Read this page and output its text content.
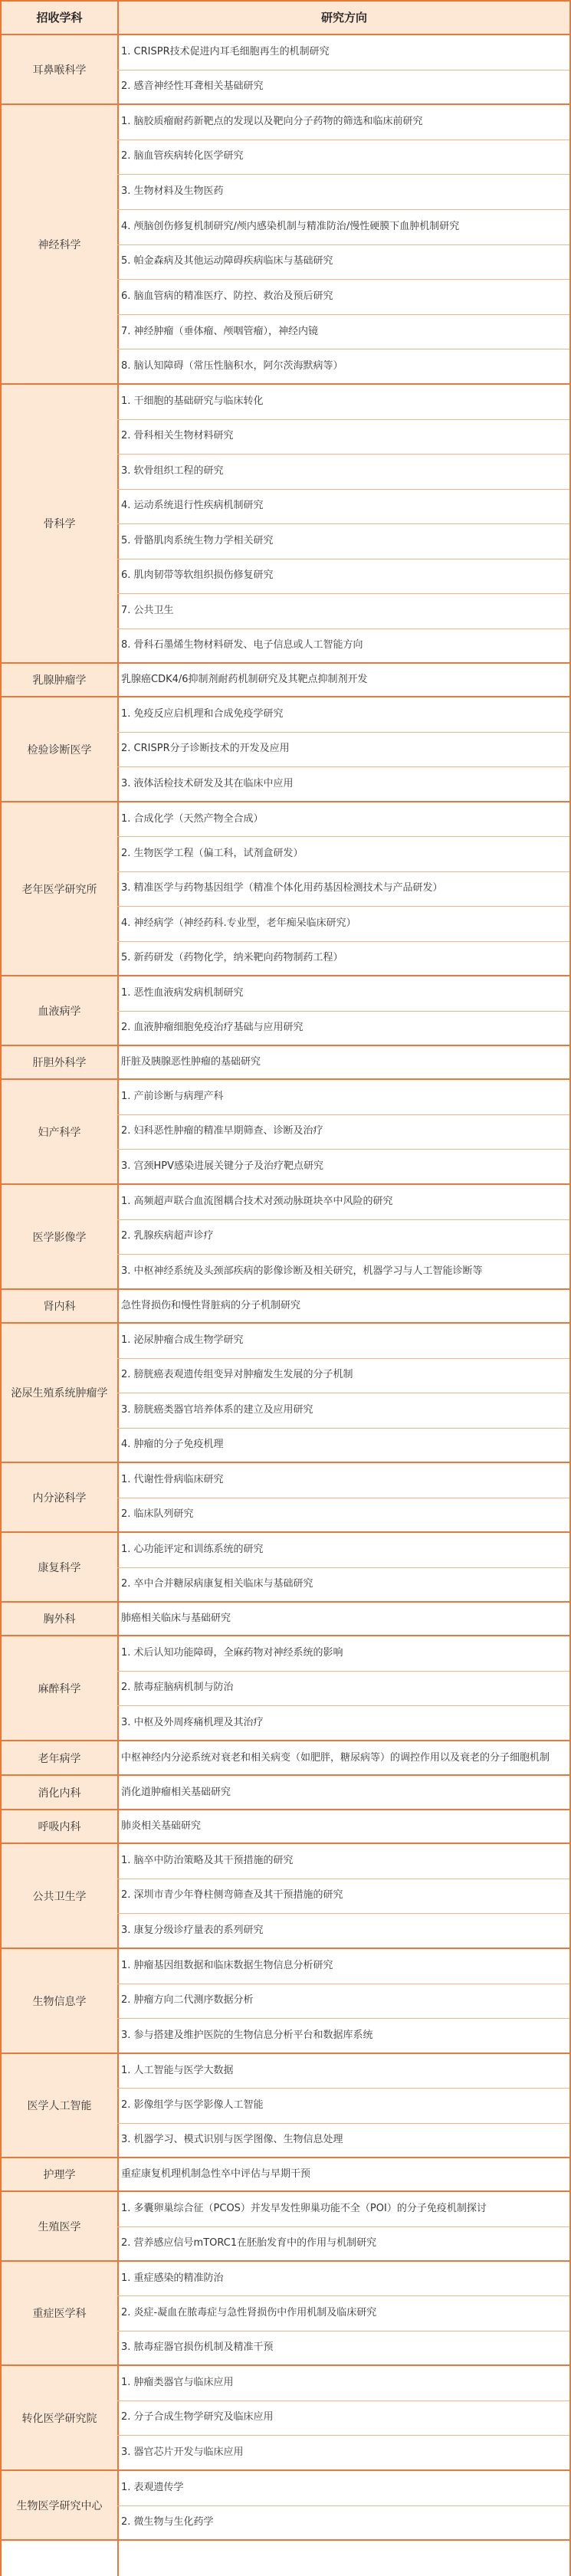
招收学科	研究方向
耳鼻喉科学
1. CRISPR技术促进内耳毛细胞再生的机制研究
2. 感音神经性耳聋相关基础研究
神经科学
1. 脑胶质瘤耐药新靶点的发现以及靶向分子药物的筛选和临床前研究
2. 脑血管疾病转化医学研究
3. 生物材料及生物医药
4. 颅脑创伤修复机制研究/颅内感染机制与精准防治/慢性硬膜下血肿机制研究
5. 帕金森病及其他运动障碍疾病临床与基础研究
6. 脑血管病的精准医疗、防控、救治及预后研究
7. 神经肿瘤（垂体瘤、颅咽管瘤），神经内镜
8. 脑认知障碍（常压性脑积水，阿尔茨海默病等）
骨科学
1. 干细胞的基础研究与临床转化
2. 骨科相关生物材料研究
3. 软骨组织工程的研究
4. 运动系统退行性疾病机制研究
5. 骨骼肌肉系统生物力学相关研究
6. 肌肉韧带等软组织损伤修复研究
7. 公共卫生
8. 骨科石墨烯生物材料研发、电子信息或人工智能方向
乳腺肿瘤学	乳腺癌CDK4/6抑制剂耐药机制研究及其靶点抑制剂开发
检验诊断医学
1. 免疫反应启机理和合成免疫学研究
2. CRISPR分子诊断技术的开发及应用
3. 液体活检技术研发及其在临床中应用
老年医学研究所
1. 合成化学（天然产物全合成）
2. 生物医学工程（偏工科，试剂盒研发）
3. 精准医学与药物基因组学（精准个体化用药基因检测技术与产品研发）
4. 神经病学（神经药科.专业型，老年痴呆临床研究）
5. 新药研发（药物化学，纳米靶向药物制药工程）
血液病学
1. 恶性血液病发病机制研究
2. 血液肿瘤细胞免疫治疗基础与应用研究
肝胆外科学	肝脏及胰腺恶性肿瘤的基础研究
妇产科学
1. 产前诊断与病理产科
2. 妇科恶性肿瘤的精准早期筛查、诊断及治疗
3. 宫颈HPV感染进展关键分子及治疗靶点研究
医学影像学
1. 高频超声联合血流图耦合技术对颈动脉斑块卒中风险的研究
2. 乳腺疾病超声诊疗
3. 中枢神经系统及头颈部疾病的影像诊断及相关研究，机器学习与人工智能诊断等
肾内科	急性肾损伤和慢性肾脏病的分子机制研究
泌尿生殖系统肿瘤学
1. 泌尿肿瘤合成生物学研究
2. 膀胱癌表观遗传组变异对肿瘤发生发展的分子机制
3. 膀胱癌类器官培养体系的建立及应用研究
4. 肿瘤的分子免疫机理
内分泌科学
1. 代谢性骨病临床研究
2. 临床队列研究
康复科学
1. 心功能评定和训练系统的研究
2. 卒中合并糖尿病康复相关临床与基础研究
胸外科	肺癌相关临床与基础研究
麻醉科学
1. 术后认知功能障碍，全麻药物对神经系统的影响
2. 脓毒症脑病机制与防治
3. 中枢及外周疼痛机理及其治疗
老年病学	中枢神经内分泌系统对衰老和相关病变（如肥胖，糖尿病等）的调控作用以及衰老的分子细胞机制
消化内科	消化道肿瘤相关基础研究
呼吸内科	肺炎相关基础研究
公共卫生学
1. 脑卒中防治策略及其干预措施的研究
2. 深圳市青少年脊柱侧弯筛查及其干预措施的研究
3. 康复分级诊疗量表的系列研究
生物信息学
1. 肿瘤基因组数据和临床数据生物信息分析研究
2. 肿瘤方向二代测序数据分析
3. 参与搭建及维护医院的生物信息分析平台和数据库系统
医学人工智能
1. 人工智能与医学大数据
2. 影像组学与医学影像人工智能
3. 机器学习、模式识别与医学图像、生物信息处理
护理学	重症康复机理机制急性卒中评估与早期干预
生殖医学
1. 多囊卵巢综合征（PCOS）并发早发性卵巢功能不全（POI）的分子免疫机制探讨
2. 营养感应信号mTORC1在胚胎发育中的作用与机制研究
重症医学科
1. 重症感染的精准防治
2. 炎症-凝血在脓毒症与急性肾损伤中作用机制及临床研究
3. 脓毒症器官损伤机制及精准干预
转化医学研究院
1. 肿瘤类器官与临床应用
2. 分子合成生物学研究及临床应用
3. 器官芯片开发与临床应用
生物医学研究中心
1. 表观遗传学
2. 微生物与生化药学
